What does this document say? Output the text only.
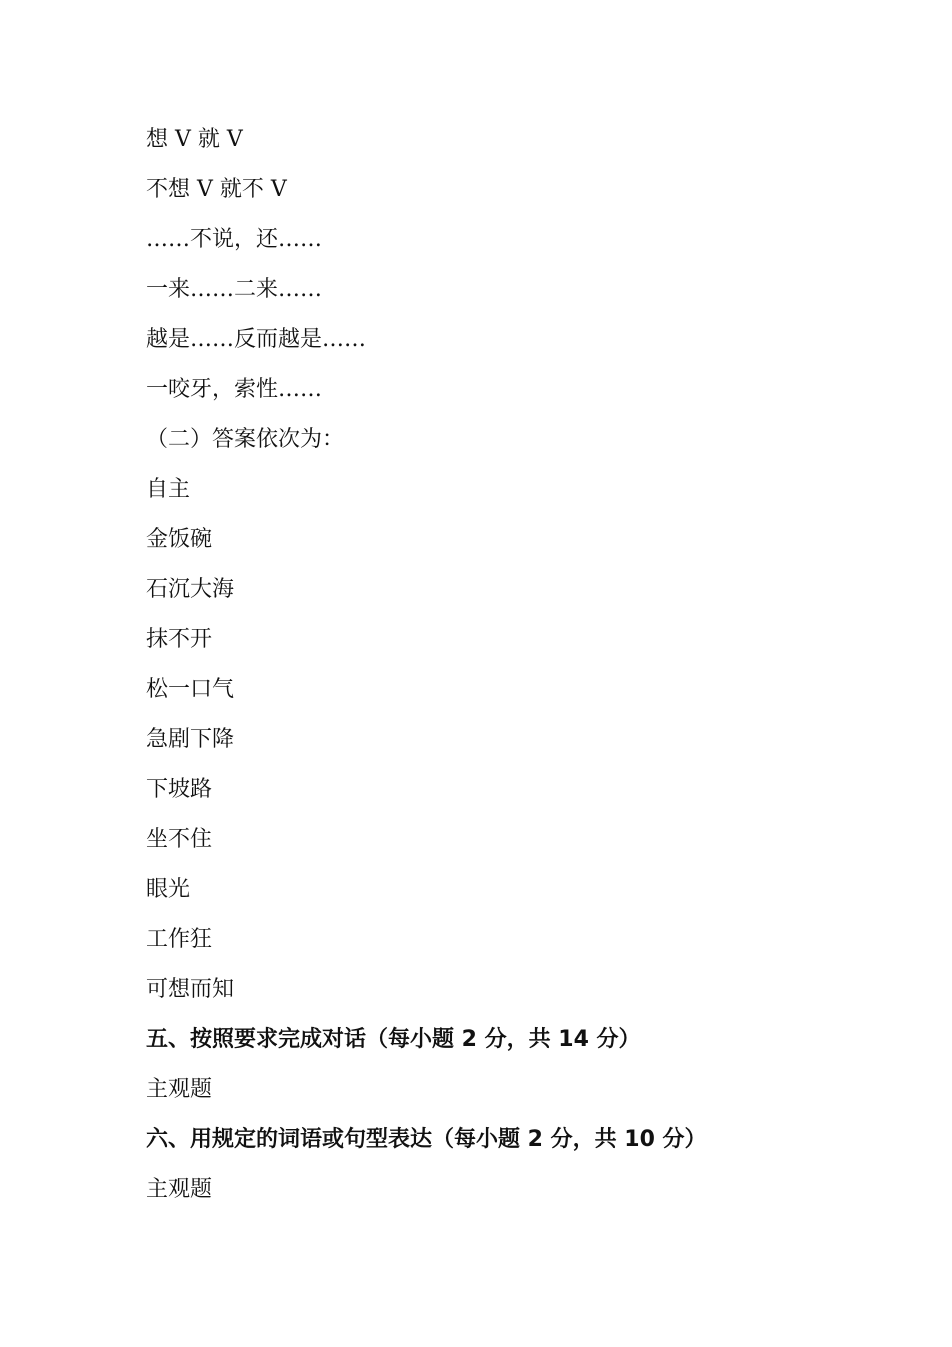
想 V 就 V

不想 V 就不 V

……不说，还……

一来……二来……

越是……反而越是……

一咬牙，索性……

（二）答案依次为：

自主

金饭碗

石沉大海

抹不开

松一口气

急剧下降

下坡路

坐不住

眼光

工作狂

可想而知

五、按照要求完成对话（每小题 2 分，共 14 分）

主观题

六、用规定的词语或句型表达（每小题 2 分，共 10 分）

主观题
